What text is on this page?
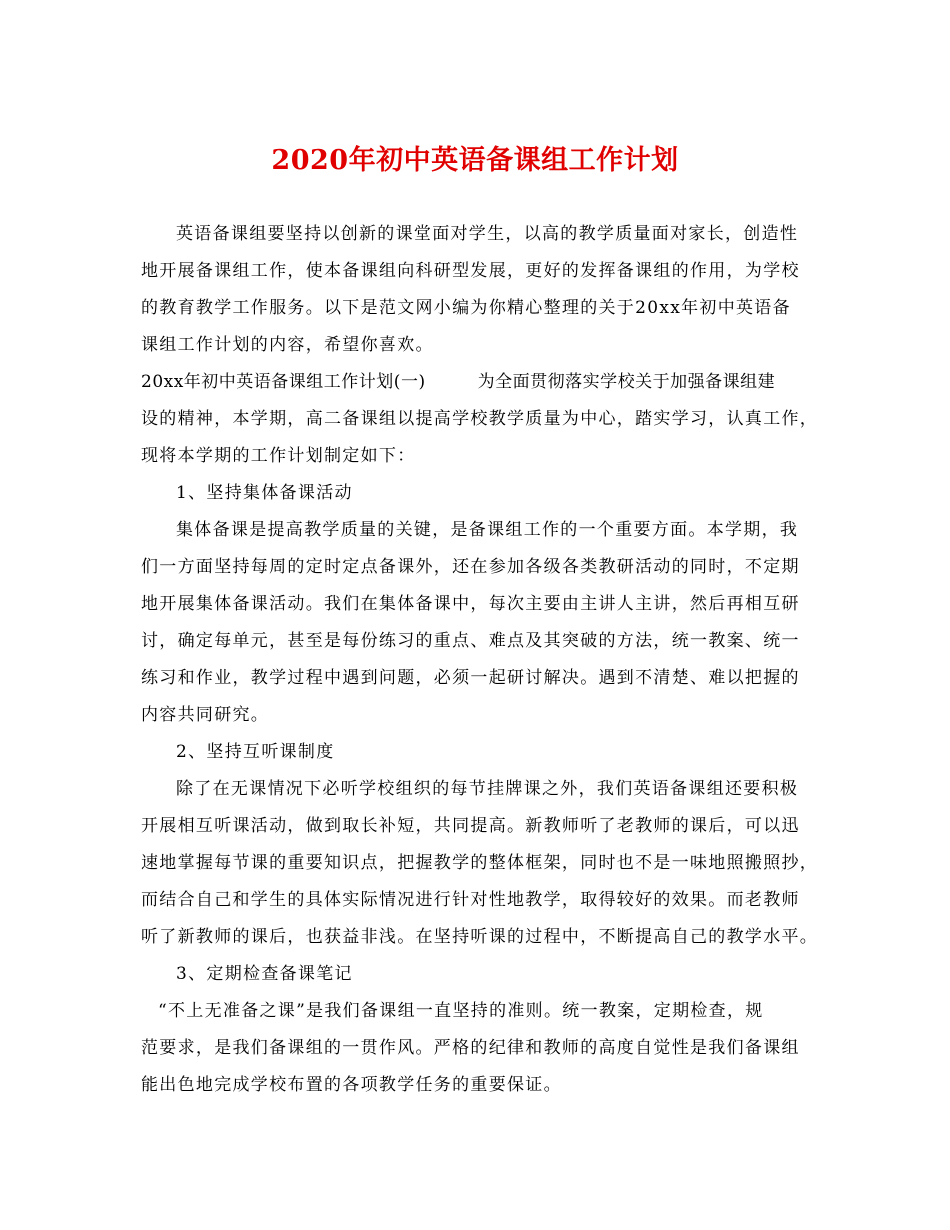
2020年初中英语备课组工作计划
英语备课组要坚持以创新的课堂面对学生，以高的教学质量面对家长，创造性
地开展备课组工作，使本备课组向科研型发展，更好的发挥备课组的作用，为学校
的教育教学工作服务。以下是范文网小编为你精心整理的关于20xx年初中英语备
课组工作计划的内容，希望你喜欢。
20xx年初中英语备课组工作计划(一)	为全面贯彻落实学校关于加强备课组建
设的精神，本学期，高二备课组以提高学校教学质量为中心，踏实学习，认真工作，
现将本学期的工作计划制定如下：
1、坚持集体备课活动
集体备课是提高教学质量的关键，是备课组工作的一个重要方面。本学期，我
们一方面坚持每周的定时定点备课外，还在参加各级各类教研活动的同时，不定期
地开展集体备课活动。我们在集体备课中，每次主要由主讲人主讲，然后再相互研
讨，确定每单元，甚至是每份练习的重点、难点及其突破的方法，统一教案、统一
练习和作业，教学过程中遇到问题，必须一起研讨解决。遇到不清楚、难以把握的
内容共同研究。
2、坚持互听课制度
除了在无课情况下必听学校组织的每节挂牌课之外，我们英语备课组还要积极
开展相互听课活动，做到取长补短，共同提高。新教师听了老教师的课后，可以迅
速地掌握每节课的重要知识点，把握教学的整体框架，同时也不是一味地照搬照抄，
而结合自己和学生的具体实际情况进行针对性地教学，取得较好的效果。而老教师
听了新教师的课后，也获益非浅。在坚持听课的过程中，不断提高自己的教学水平。
3、定期检查备课笔记
“不上无准备之课”是我们备课组一直坚持的准则。统一教案，定期检查，规
范要求，是我们备课组的一贯作风。严格的纪律和教师的高度自觉性是我们备课组
能出色地完成学校布置的各项教学任务的重要保证。
